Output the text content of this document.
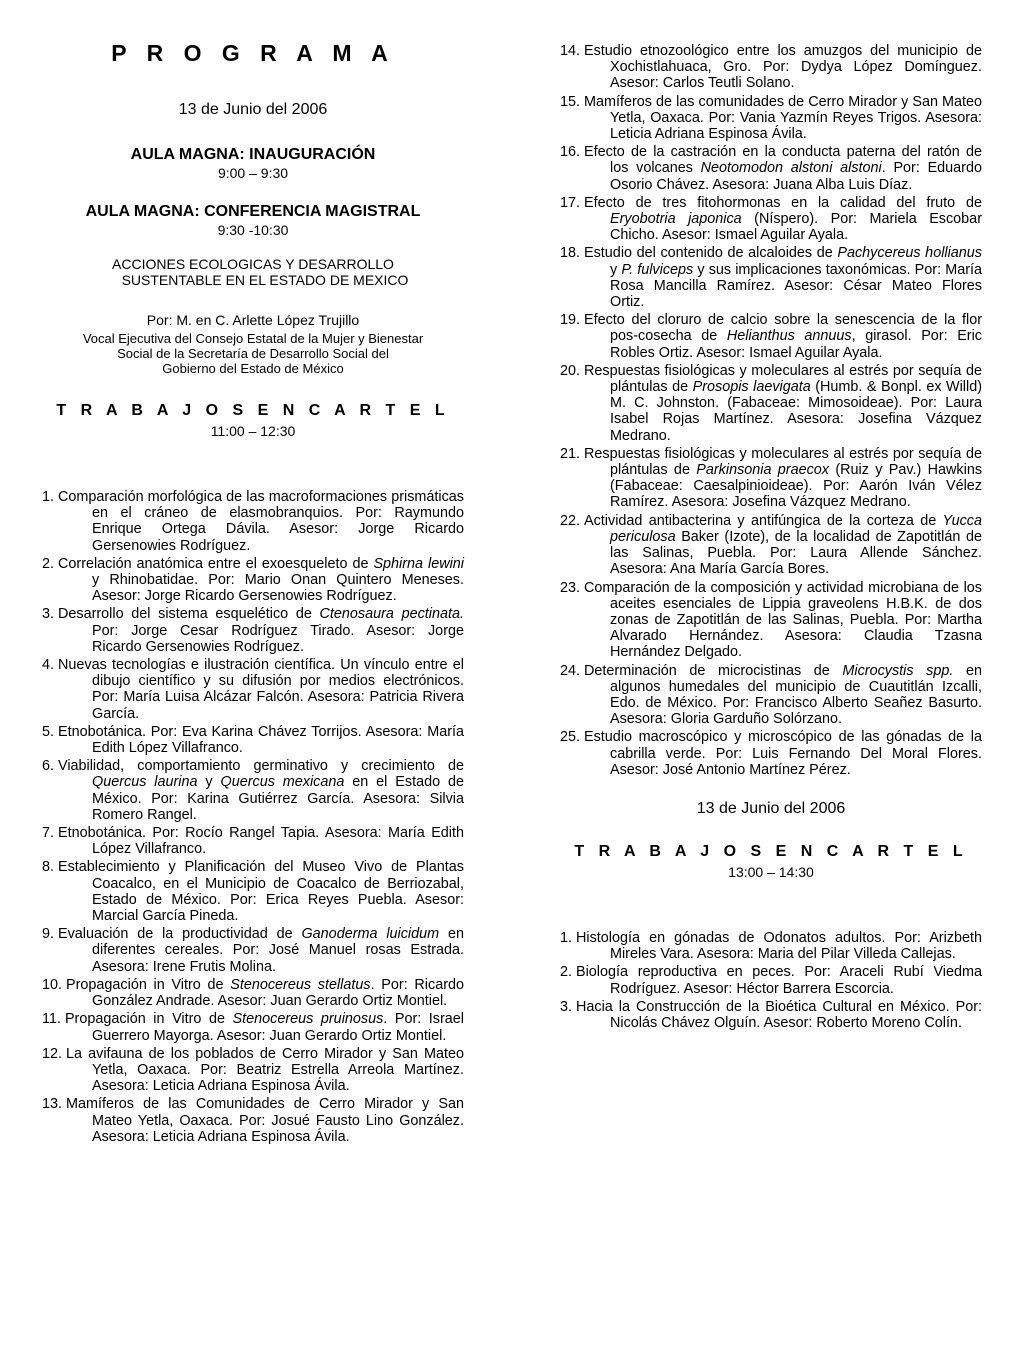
P R O G R A M A

13 de Junio del 2006

AULA MAGNA: INAUGURACIÓN

9:00 – 9:30

AULA MAGNA: CONFERENCIA MAGISTRAL

9:30 -10:30

ACCIONES ECOLOGICAS Y DESARROLLO

SUSTENTABLE EN EL ESTADO DE MEXICO

Por: M. en C. Arlette López Trujillo

Vocal Ejecutiva del Consejo Estatal de la Mujer y Bienestar

Social de la Secretaría de Desarrollo Social del

Gobierno del Estado de México

T R A B A J O S E N C A R T E L

11:00 – 12:30

1. Comparación morfológica de las macroformaciones prismáticas en el cráneo de elasmobranquios. Por: Raymundo Enrique Ortega Dávila. Asesor: Jorge Ricardo Gersenowies Rodríguez.
2. Correlación anatómica entre el exoesqueleto de Sphirna lewini y Rhinobatidae. Por: Mario Onan Quintero Meneses. Asesor: Jorge Ricardo Gersenowies Rodríguez.
3. Desarrollo del sistema esquelético de Ctenosaura pectinata. Por: Jorge Cesar Rodríguez Tirado. Asesor: Jorge Ricardo Gersenowies Rodríguez.
4. Nuevas tecnologías e ilustración científica. Un vínculo entre el dibujo científico y su difusión por medios electrónicos. Por: María Luisa Alcázar Falcón. Asesora: Patricia Rivera García.
5. Etnobotánica. Por: Eva Karina Chávez Torrijos. Asesora: María Edith López Villafranco.
6. Viabilidad, comportamiento germinativo y crecimiento de Quercus laurina y Quercus mexicana en el Estado de México. Por: Karina Gutiérrez García. Asesora: Silvia Romero Rangel.
7. Etnobotánica. Por: Rocío Rangel Tapia. Asesora: María Edith López Villafranco.
8. Establecimiento y Planificación del Museo Vivo de Plantas Coacalco, en el Municipio de Coacalco de Berriozabal, Estado de México. Por: Erica Reyes Puebla. Asesor: Marcial García Pineda.
9. Evaluación de la productividad de Ganoderma luicidum en diferentes cereales. Por: José Manuel rosas Estrada. Asesora: Irene Frutis Molina.
10. Propagación in Vitro de Stenocereus stellatus. Por: Ricardo González Andrade. Asesor: Juan Gerardo Ortiz Montiel.
11. Propagación in Vitro de Stenocereus pruinosus. Por: Israel Guerrero Mayorga. Asesor: Juan Gerardo Ortiz Montiel.
12. La avifauna de los poblados de Cerro Mirador y San Mateo Yetla, Oaxaca. Por: Beatriz Estrella Arreola Martínez. Asesora: Leticia Adriana Espinosa Ávila.
13. Mamíferos de las Comunidades de Cerro Mirador y San Mateo Yetla, Oaxaca. Por: Josué Fausto Lino González. Asesora: Leticia Adriana Espinosa Ávila.
14. Estudio etnozoológico entre los amuzgos del municipio de Xochistlahuaca, Gro. Por: Dydya López Domínguez. Asesor: Carlos Teutli Solano.
15. Mamíferos de las comunidades de Cerro Mirador y San Mateo Yetla, Oaxaca. Por: Vania Yazmín Reyes Trigos. Asesora: Leticia Adriana Espinosa Ávila.
16. Efecto de la castración en la conducta paterna del ratón de los volcanes Neotomodon alstoni alstoni. Por: Eduardo Osorio Chávez. Asesora: Juana Alba Luis Díaz.
17. Efecto de tres fitohormonas en la calidad del fruto de Eryobotria japonica (Níspero). Por: Mariela Escobar Chicho. Asesor: Ismael Aguilar Ayala.
18. Estudio del contenido de alcaloides de Pachycereus hollianus y P. fulviceps y sus implicaciones taxonómicas. Por: María Rosa Mancilla Ramírez. Asesor: César Mateo Flores Ortiz.
19. Efecto del cloruro de calcio sobre la senescencia de la flor pos-cosecha de Helianthus annuus, girasol. Por: Eric Robles Ortiz. Asesor: Ismael Aguilar Ayala.
20. Respuestas fisiológicas y moleculares al estrés por sequía de plántulas de Prosopis laevigata (Humb. & Bonpl. ex Willd) M. C. Johnston. (Fabaceae: Mimosoideae). Por: Laura Isabel Rojas Martínez. Asesora: Josefina Vázquez Medrano.
21. Respuestas fisiológicas y moleculares al estrés por sequía de plántulas de Parkinsonia praecox (Ruiz y Pav.) Hawkins (Fabaceae: Caesalpinioideae). Por: Aarón Iván Vélez Ramírez. Asesora: Josefina Vázquez Medrano.
22. Actividad antibacterina y antifúngica de la corteza de Yucca periculosa Baker (Izote), de la localidad de Zapotitlán de las Salinas, Puebla. Por: Laura Allende Sánchez. Asesora: Ana María García Bores.
23. Comparación de la composición y actividad microbiana de los aceites esenciales de Lippia graveolens H.B.K. de dos zonas de Zapotitlán de las Salinas, Puebla. Por: Martha Alvarado Hernández. Asesora: Claudia Tzasna Hernández Delgado.
24. Determinación de microcistinas de Microcystis spp. en algunos humedales del municipio de Cuautitlán Izcalli, Edo. de México. Por: Francisco Alberto Seañez Basurto. Asesora: Gloria Garduño Solórzano.
25. Estudio macroscópico y microscópico de las gónadas de la cabrilla verde. Por: Luis Fernando Del Moral Flores. Asesor: José Antonio Martínez Pérez.

13 de Junio del 2006

T R A B A J O S E N C A R T E L

13:00 – 14:30

1. Histología en gónadas de Odonatos adultos. Por: Arizbeth Mireles Vara. Asesora: Maria del Pilar Villeda Callejas.
2. Biología reproductiva en peces. Por: Araceli Rubí Viedma Rodríguez. Asesor: Héctor Barrera Escorcia.
3. Hacia la Construcción de la Bioética Cultural en México. Por: Nicolás Chávez Olguín. Asesor: Roberto Moreno Colín.
